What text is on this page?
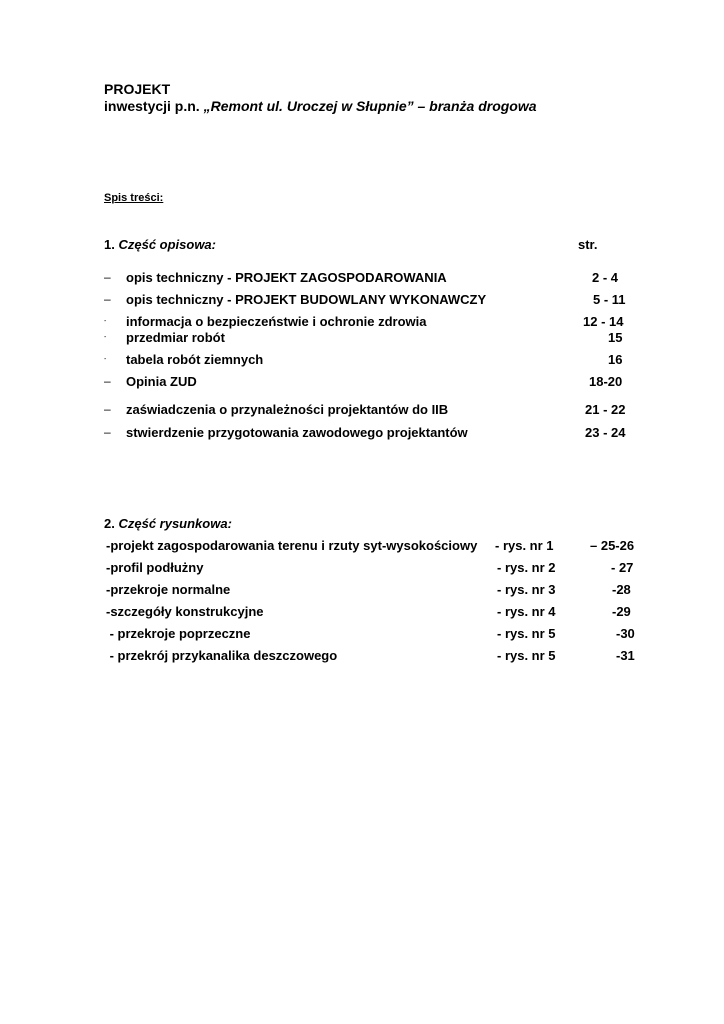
PROJEKT
inwestycji p.n. „Remont ul. Uroczej w Słupnie” – branża drogowa
Spis treści:
1. Część opisowa:	str.
– opis techniczny - PROJEKT ZAGOSPODAROWANIA	2 - 4
– opis techniczny - PROJEKT BUDOWLANY WYKONAWCZY	5 - 11
- informacja o bezpieczeństwie i ochronie zdrowia	12 - 14
- przedmiar robót	15
- tabela robót ziemnych	16
– Opinia ZUD	18-20
– zaświadczenia o przynależności projektantów do IIB	21 - 22
– stwierdzenie przygotowania zawodowego projektantów	23 - 24
2. Część rysunkowa:
-projekt zagospodarowania terenu i rzuty syt-wysokościowy - rys. nr 1	– 25-26
-profil podłużny	- rys. nr 2	- 27
-przekroje normalne	- rys. nr 3	-28
-szczegóły konstrukcyjne	- rys. nr 4	-29
- przekroje poprzeczne	- rys. nr 5	-30
- przekrój przykanalika deszczowego	- rys. nr 5	-31
